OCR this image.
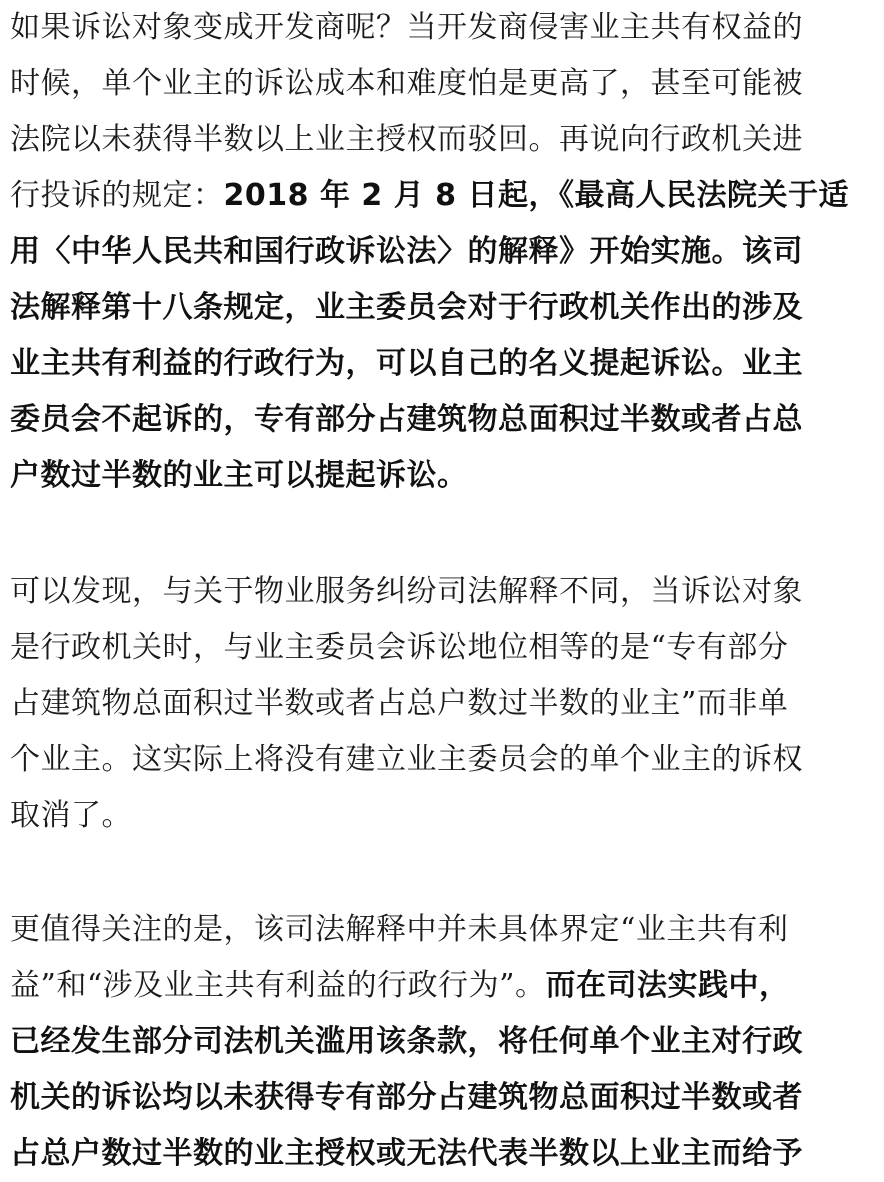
如果诉讼对象变成开发商呢？当开发商侵害业主共有权益的
时候，单个业主的诉讼成本和难度怕是更高了，甚至可能被
法院以未获得半数以上业主授权而驳回。再说向行政机关进
行投诉的规定：2018 年 2 月 8 日起，《最高人民法院关于适
用〈中华人民共和国行政诉讼法〉的解释》开始实施。该司
法解释第十八条规定，业主委员会对于行政机关作出的涉及
业主共有利益的行政行为，可以自己的名义提起诉讼。业主
委员会不起诉的，专有部分占建筑物总面积过半数或者占总
户数过半数的业主可以提起诉讼。
可以发现，与关于物业服务纠纷司法解释不同，当诉讼对象
是行政机关时，与业主委员会诉讼地位相等的是“专有部分
占建筑物总面积过半数或者占总户数过半数的业主”而非单
个业主。这实际上将没有建立业主委员会的单个业主的诉权
取消了。
更值得关注的是，该司法解释中并未具体界定“业主共有利
益”和“涉及业主共有利益的行政行为”。而在司法实践中，
已经发生部分司法机关滥用该条款，将任何单个业主对行政
机关的诉讼均以未获得专有部分占建筑物总面积过半数或者
占总户数过半数的业主授权或无法代表半数以上业主而给予
